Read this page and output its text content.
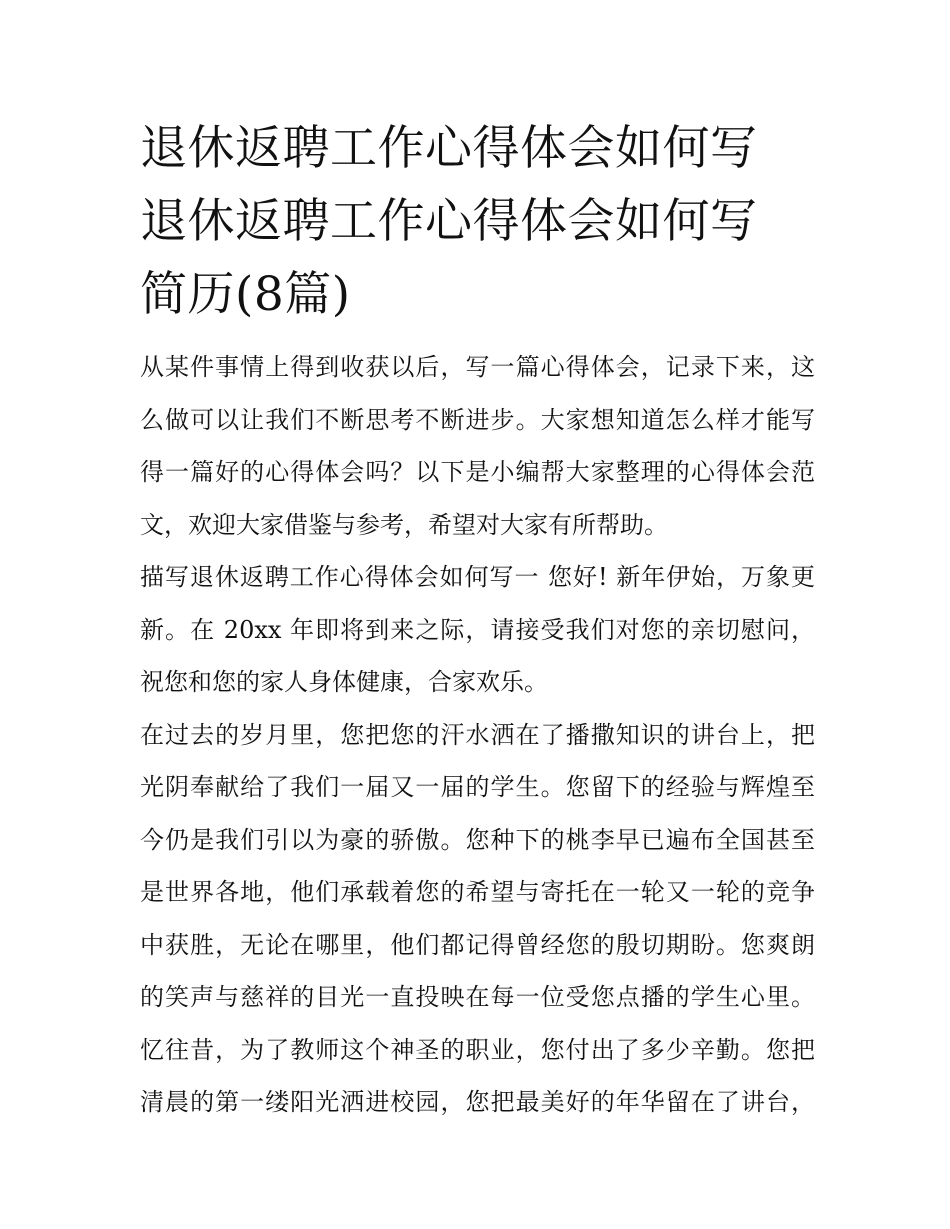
退休返聘工作心得体会如何写
退休返聘工作心得体会如何写
简历(8篇)
从某件事情上得到收获以后，写一篇心得体会，记录下来，这
么做可以让我们不断思考不断进步。大家想知道怎么样才能写
得一篇好的心得体会吗？以下是小编帮大家整理的心得体会范
文，欢迎大家借鉴与参考，希望对大家有所帮助。
描写退休返聘工作心得体会如何写一 您好! 新年伊始，万象更
新。在 20xx 年即将到来之际，请接受我们对您的亲切慰问，
祝您和您的家人身体健康，合家欢乐。
在过去的岁月里，您把您的汗水洒在了播撒知识的讲台上，把
光阴奉献给了我们一届又一届的学生。您留下的经验与辉煌至
今仍是我们引以为豪的骄傲。您种下的桃李早已遍布全国甚至
是世界各地，他们承载着您的希望与寄托在一轮又一轮的竞争
中获胜，无论在哪里，他们都记得曾经您的殷切期盼。您爽朗
的笑声与慈祥的目光一直投映在每一位受您点播的学生心里。
忆往昔，为了教师这个神圣的职业，您付出了多少辛勤。您把
清晨的第一缕阳光洒进校园，您把最美好的年华留在了讲台，
